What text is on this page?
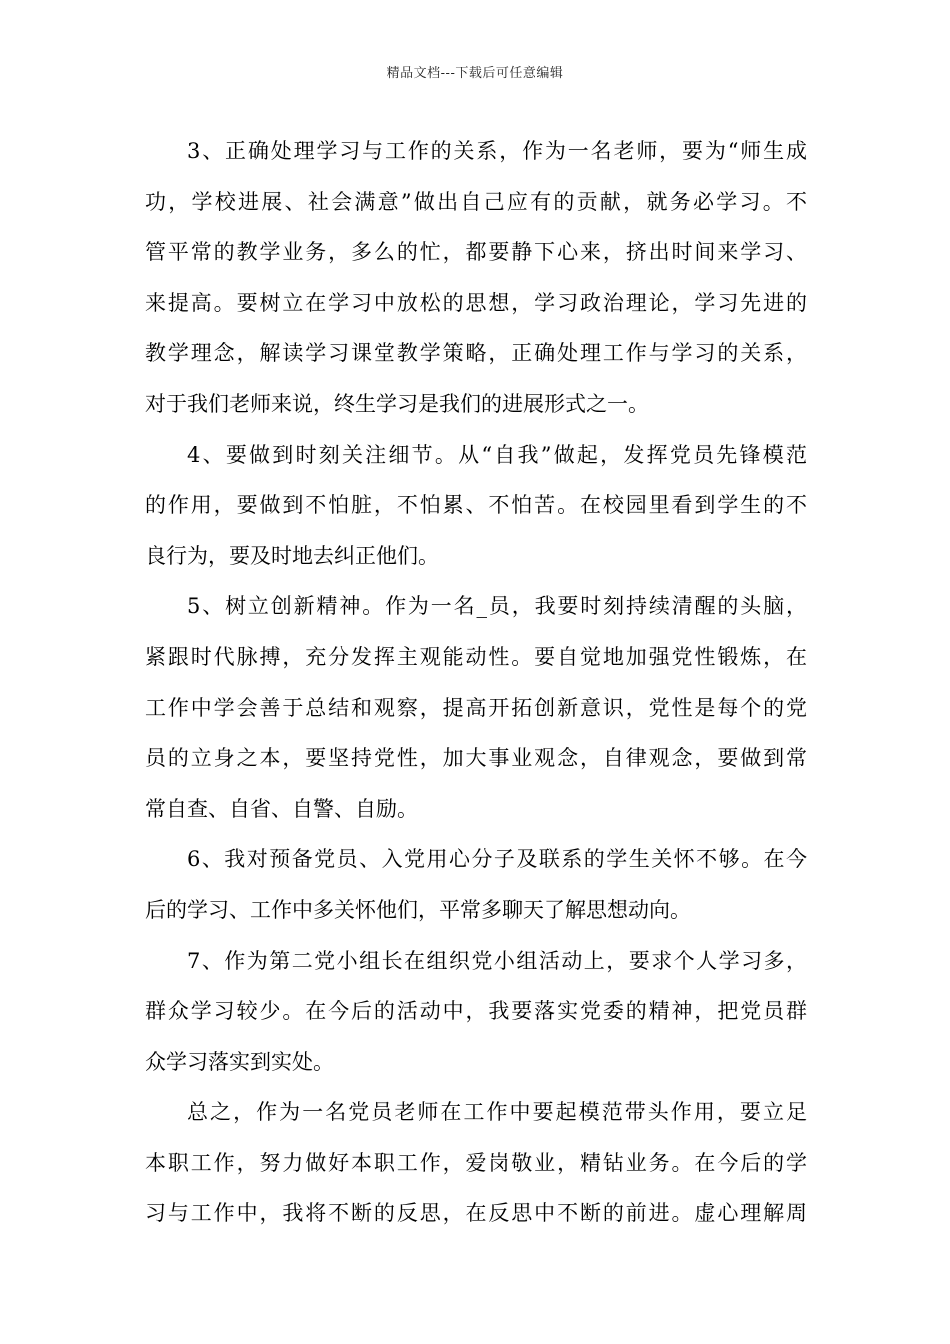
精品文档---下载后可任意编辑
3、正确处理学习与工作的关系，作为一名老师，要为“师生成
功，学校进展、社会满意”做出自己应有的贡献，就务必学习。不
管平常的教学业务，多么的忙，都要静下心来，挤出时间来学习、
来提高。要树立在学习中放松的思想，学习政治理论，学习先进的
教学理念，解读学习课堂教学策略，正确处理工作与学习的关系，
对于我们老师来说，终生学习是我们的进展形式之一。
4、要做到时刻关注细节。从“自我”做起，发挥党员先锋模范
的作用，要做到不怕脏，不怕累、不怕苦。在校园里看到学生的不
良行为，要及时地去纠正他们。
5、树立创新精神。作为一名_员，我要时刻持续清醒的头脑，
紧跟时代脉搏，充分发挥主观能动性。要自觉地加强党性锻炼，在
工作中学会善于总结和观察，提高开拓创新意识，党性是每个的党
员的立身之本，要坚持党性，加大事业观念，自律观念，要做到常
常自查、自省、自警、自励。
6、我对预备党员、入党用心分子及联系的学生关怀不够。在今
后的学习、工作中多关怀他们，平常多聊天了解思想动向。
7、作为第二党小组长在组织党小组活动上，要求个人学习多，
群众学习较少。在今后的活动中，我要落实党委的精神，把党员群
众学习落实到实处。
总之，作为一名党员老师在工作中要起模范带头作用，要立足
本职工作，努力做好本职工作，爱岗敬业，精钻业务。在今后的学
习与工作中，我将不断的反思，在反思中不断的前进。虚心理解周
